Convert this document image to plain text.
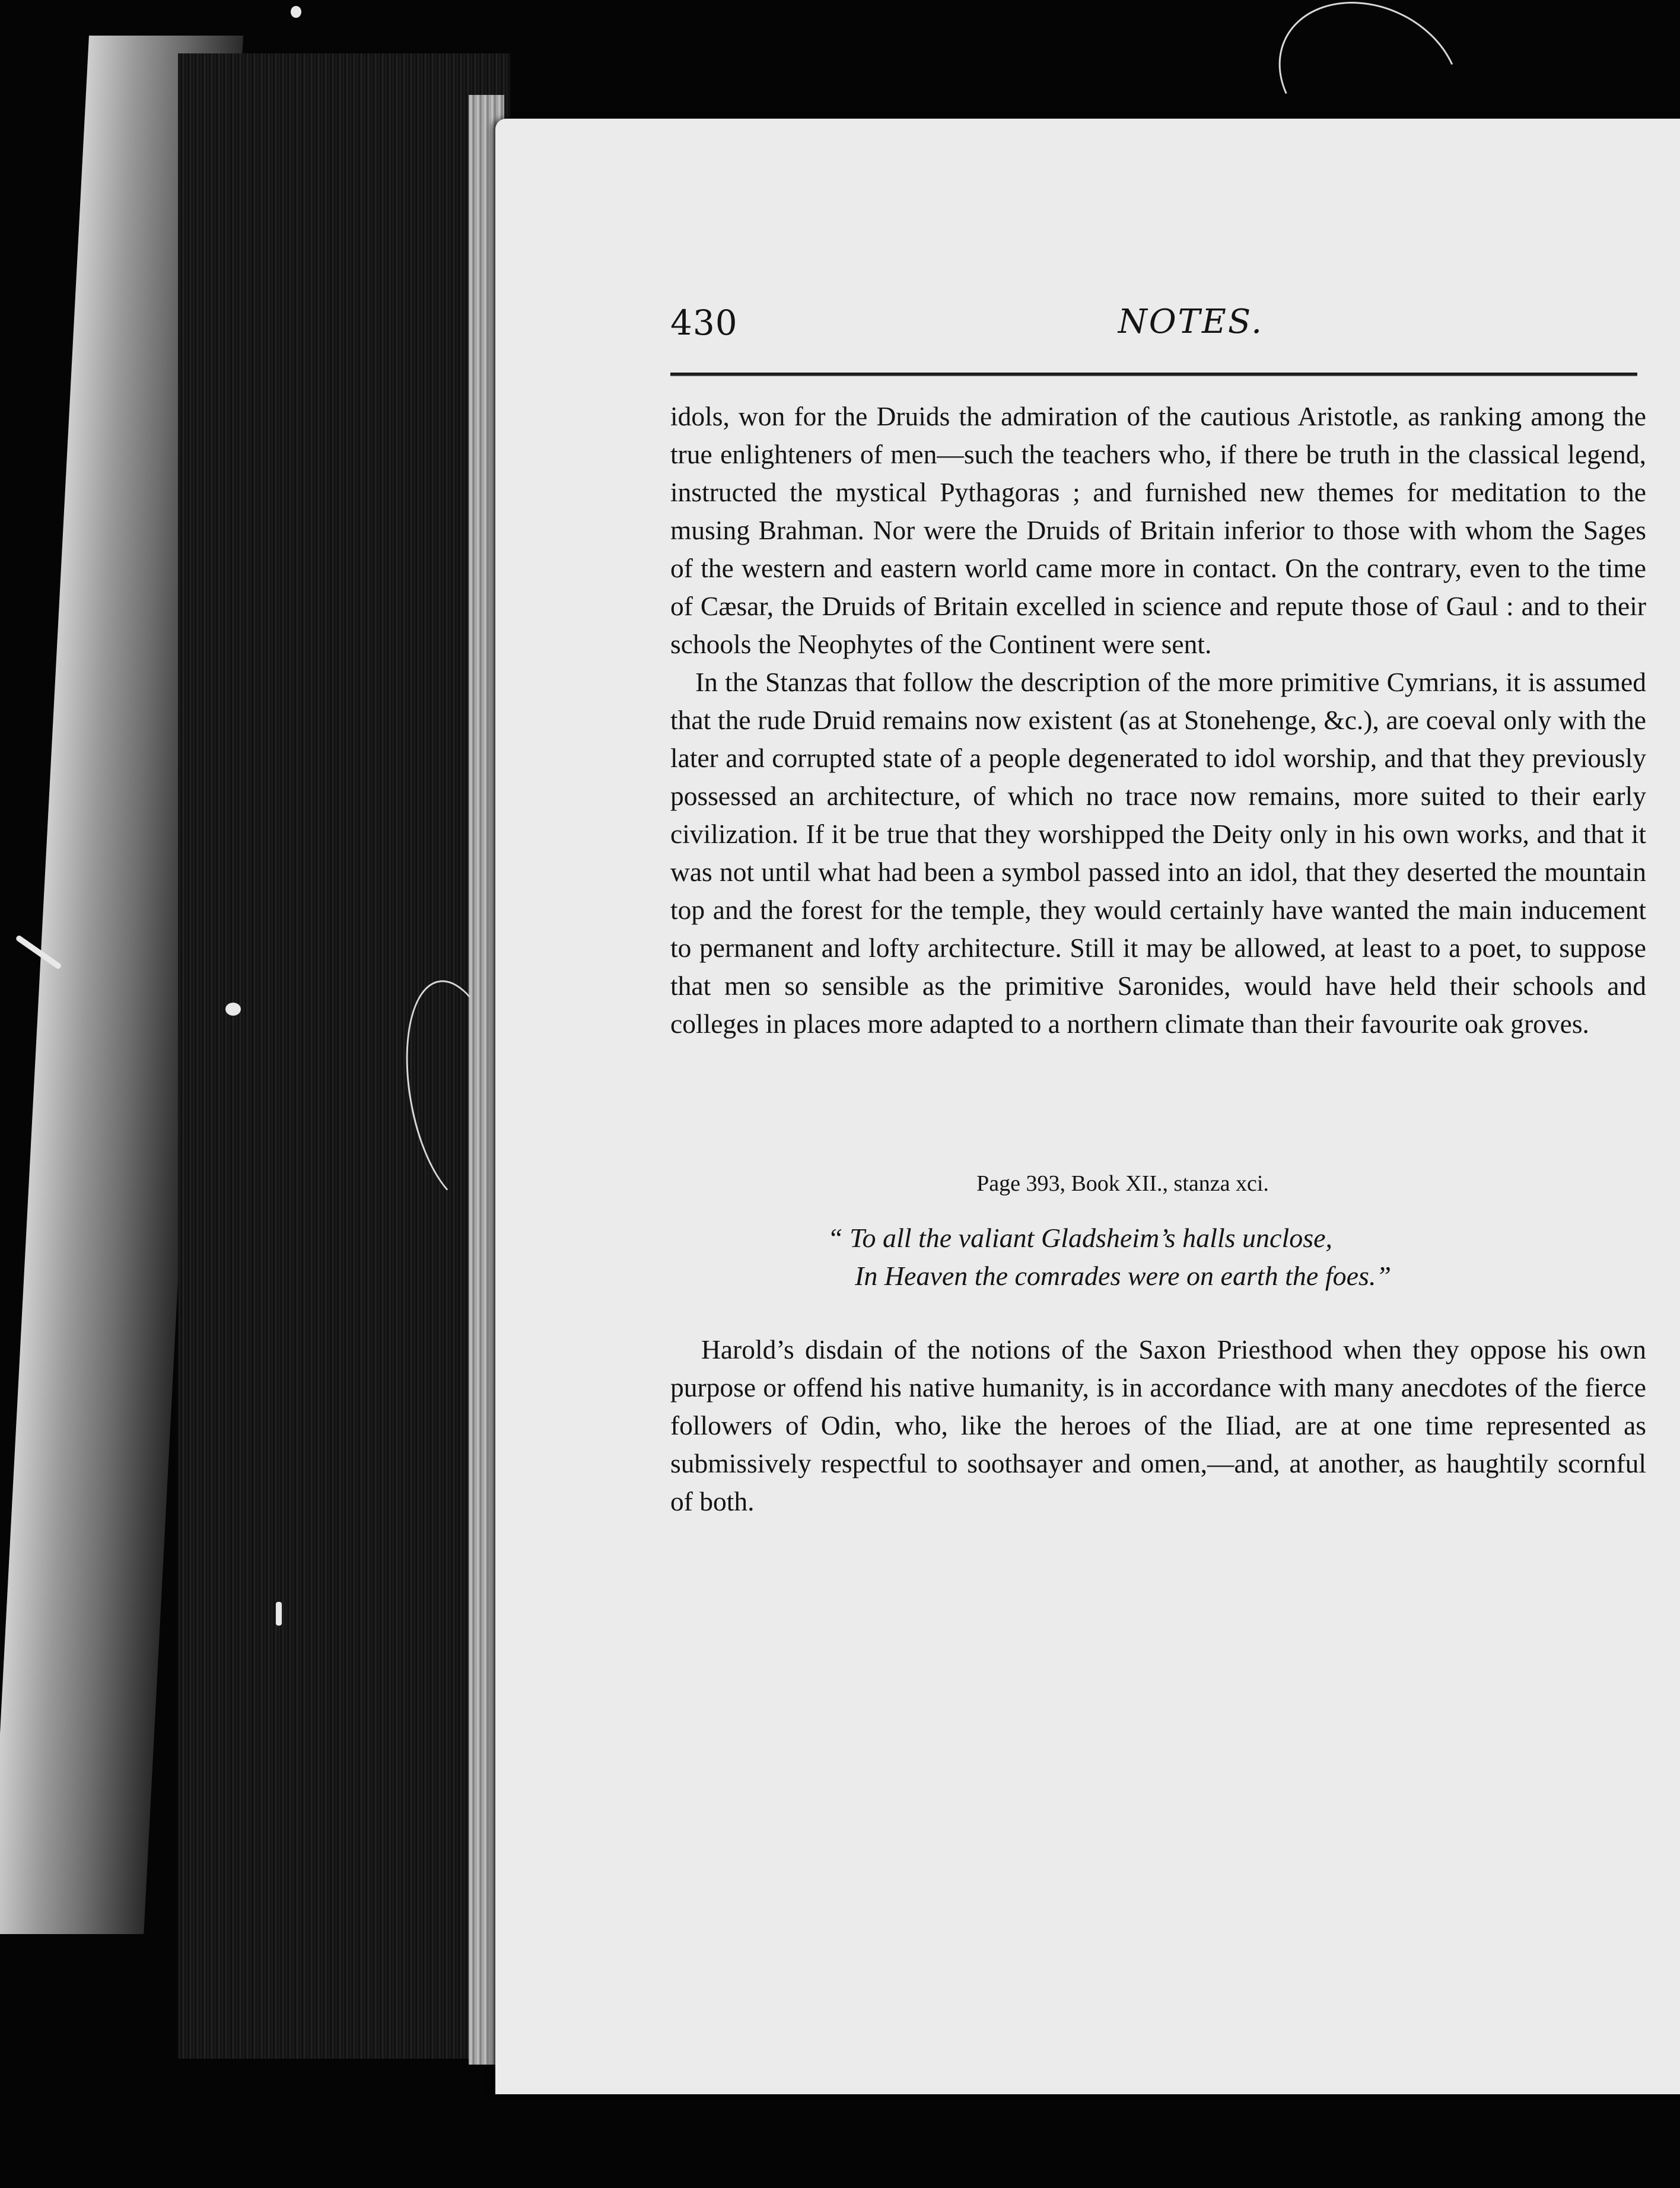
430	NOTES.

idols, won for the Druids the admiration of the cautious Aristotle, as ranking among the true enlighteners of men—such the teachers who, if there be truth in the classical legend, instructed the mystical Pythagoras ; and furnished new themes for meditation to the musing Brahman. Nor were the Druids of Britain inferior to those with whom the Sages of the western and eastern world came more in contact. On the contrary, even to the time of Cæsar, the Druids of Britain excelled in science and repute those of Gaul : and to their schools the Neophytes of the Continent were sent.

In the Stanzas that follow the description of the more primitive Cymrians, it is assumed that the rude Druid remains now existent (as at Stonehenge, &c.), are coeval only with the later and corrupted state of a people degenerated to idol worship, and that they previously possessed an architecture, of which no trace now remains, more suited to their early civilization. If it be true that they worshipped the Deity only in his own works, and that it was not until what had been a symbol passed into an idol, that they deserted the mountain top and the forest for the temple, they would certainly have wanted the main inducement to permanent and lofty architecture. Still it may be allowed, at least to a poet, to suppose that men so sensible as the primitive Saronides, would have held their schools and colleges in places more adapted to a northern climate than their favourite oak groves.

Page 393, Book XII., stanza xci.

“ To all the valiant Gladsheim’s halls unclose,
In Heaven the comrades were on earth the foes.”

Harold’s disdain of the notions of the Saxon Priesthood when they oppose his own purpose or offend his native humanity, is in accordance with many anecdotes of the fierce followers of Odin, who, like the heroes of the Iliad, are at one time represented as submissively respectful to soothsayer and omen,—and, at another, as haughtily scornful of both.
